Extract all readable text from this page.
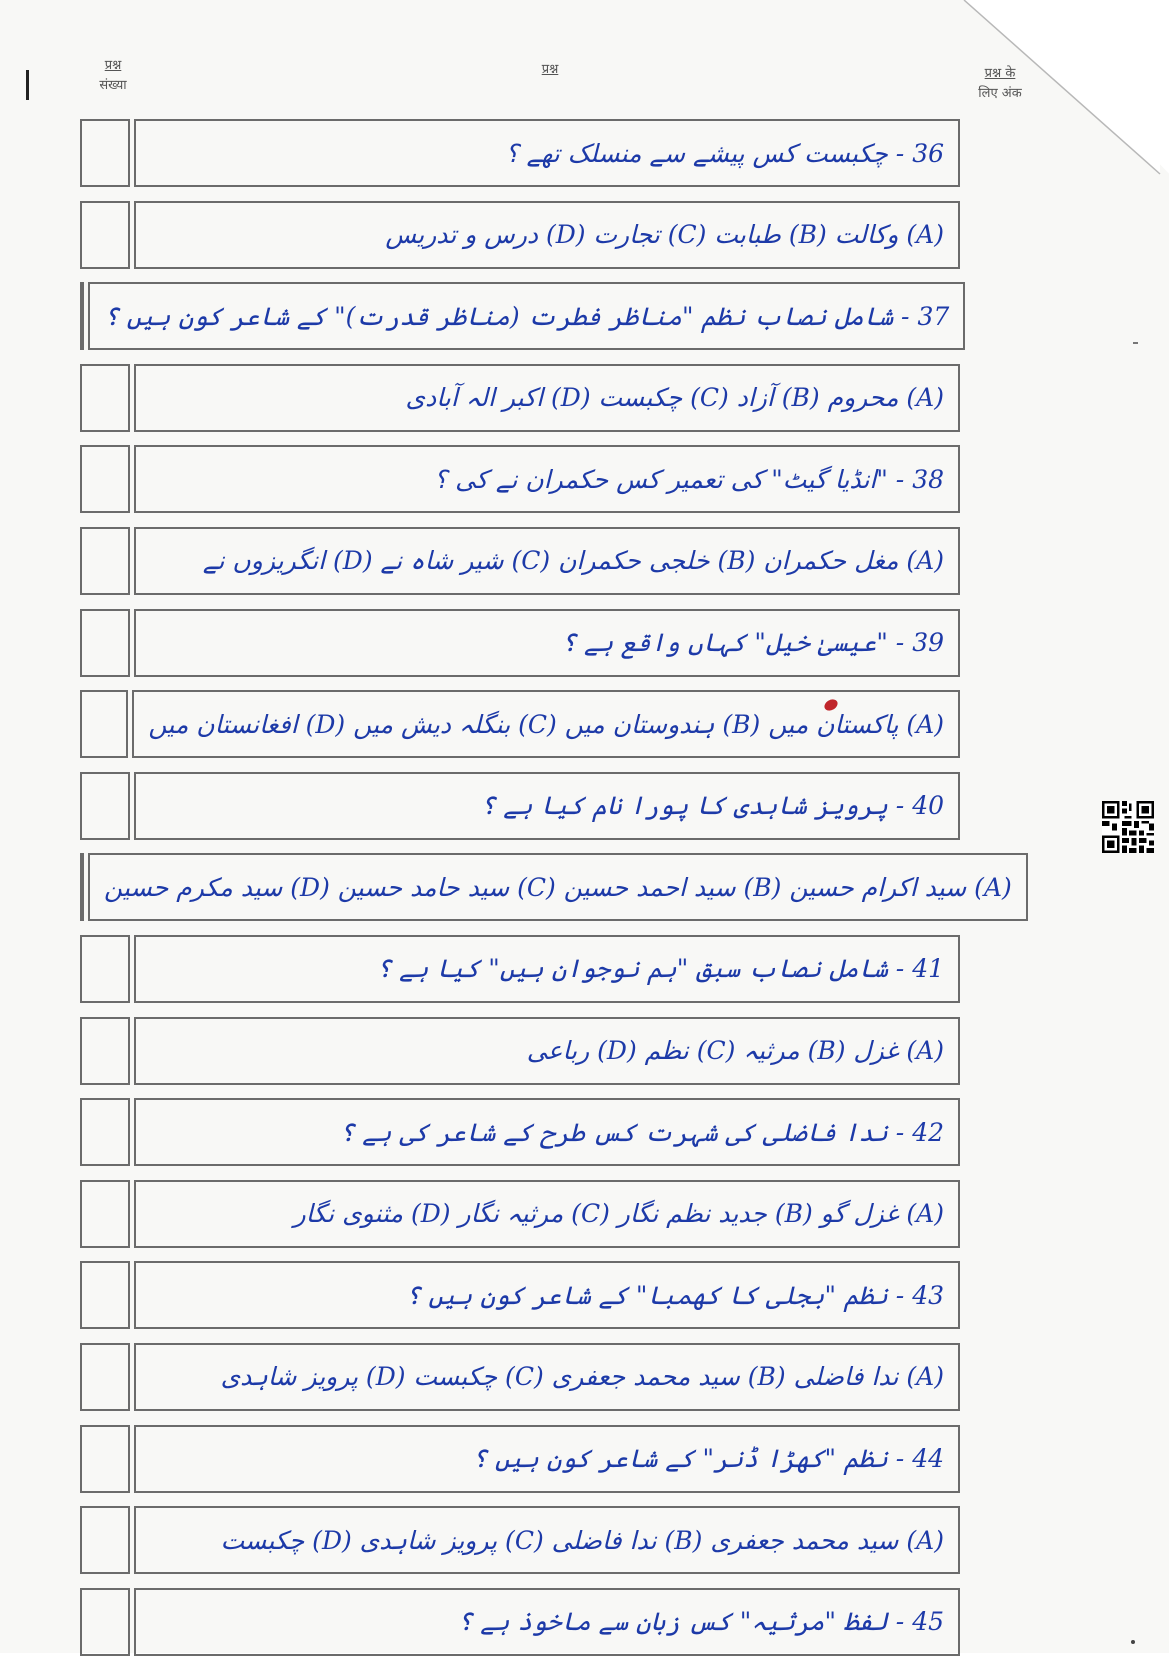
प्रश्न
संख्या
प्रश्न	प्रश्न के
लिए अंक
36 - چکبست کس پیشے سے منسلک تھے ؟
(A) وکالت (B) طبابت (C) تجارت (D) درس و تدریس
37 - شامل نصاب نظم "مناظر فطرت (مناظر قدرت)" کے شاعر کون ہیں ؟
(A) محروم (B) آزاد (C) چکبست (D) اکبر الہ آبادی
38 - "انڈیا گیٹ" کی تعمیر کس حکمران نے کی ؟
(A) مغل حکمران (B) خلجی حکمران (C) شیر شاہ نے (D) انگریزوں نے
39 - "عیسیٰ خیل" کہاں واقع ہے ؟
(A) پاکستان میں (B) ہندوستان میں (C) بنگلہ دیش میں (D) افغانستان میں
40 - پرویز شاہدی کا پورا نام کیا ہے ؟
(A) سید اکرام حسین (B) سید احمد حسین (C) سید حامد حسین (D) سید مکرم حسین
41 - شامل نصاب سبق "ہم نوجوان ہیں" کیا ہے ؟
(A) غزل (B) مرثیہ (C) نظم (D) رباعی
42 - ندا فاضلی کی شہرت کس طرح کے شاعر کی ہے ؟
(A) غزل گو (B) جدید نظم نگار (C) مرثیہ نگار (D) مثنوی نگار
43 - نظم "بجلی کا کھمبا" کے شاعر کون ہیں ؟
(A) ندا فاضلی (B) سید محمد جعفری (C) چکبست (D) پرویز شاہدی
44 - نظم "کھڑا ڈنر" کے شاعر کون ہیں ؟
(A) سید محمد جعفری (B) ندا فاضلی (C) پرویز شاہدی (D) چکبست
45 - لفظ "مرثیہ" کس زبان سے ماخوذ ہے ؟
